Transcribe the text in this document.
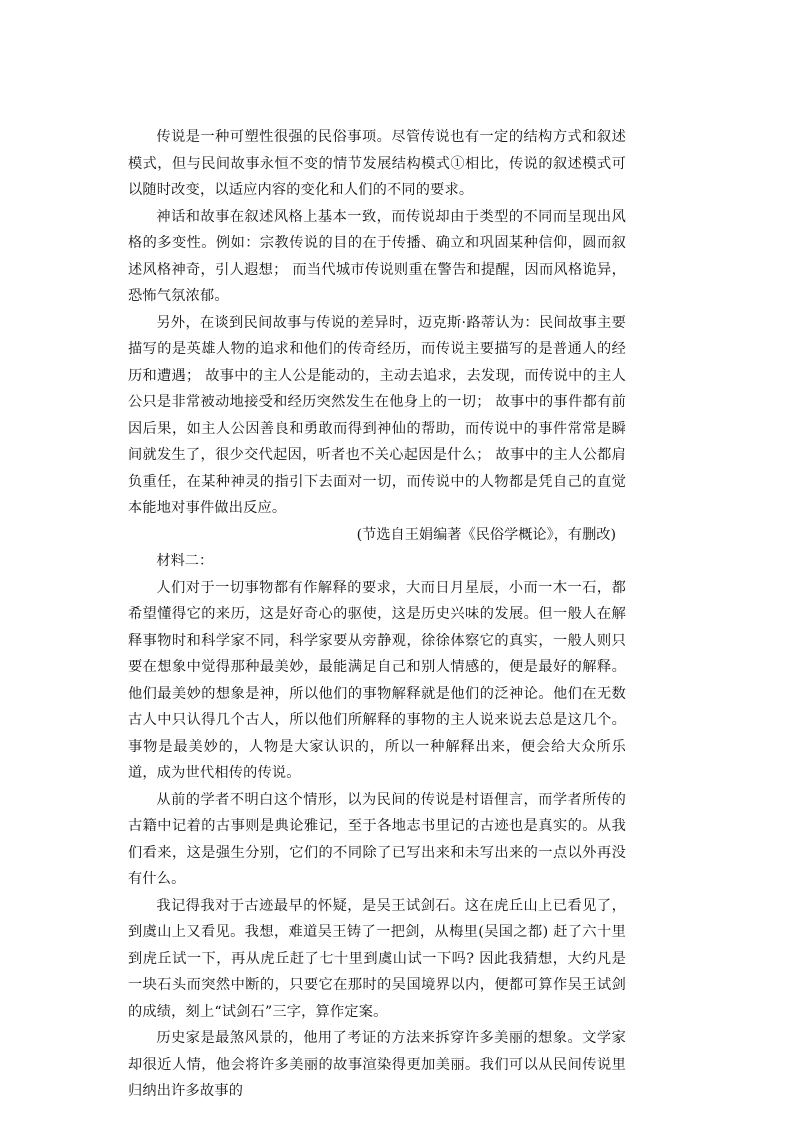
传说是一种可塑性很强的民俗事项。尽管传说也有一定的结构方式和叙述模式，但与民间故事永恒不变的情节发展结构模式①相比，传说的叙述模式可以随时改变，以适应内容的变化和人们的不同的要求。

神话和故事在叙述风格上基本一致，而传说却由于类型的不同而呈现出风格的多变性。例如：宗教传说的目的在于传播、确立和巩固某种信仰，圆而叙述风格神奇，引人遐想； 而当代城市传说则重在警告和提醒，因而风格诡异，恐怖气氛浓郁。

另外，在谈到民间故事与传说的差异时，迈克斯·路蒂认为：民间故事主要描写的是英雄人物的追求和他们的传奇经历，而传说主要描写的是普通人的经历和遭遇； 故事中的主人公是能动的，主动去追求，去发现，而传说中的主人公只是非常被动地接受和经历突然发生在他身上的一切； 故事中的事件都有前因后果，如主人公因善良和勇敢而得到神仙的帮助，而传说中的事件常常是瞬间就发生了，很少交代起因，听者也不关心起因是什么； 故事中的主人公都肩负重任，在某种神灵的指引下去面对一切，而传说中的人物都是凭自己的直觉本能地对事件做出反应。

(节选自王娟编著《民俗学概论》，有删改)

材料二：

人们对于一切事物都有作解释的要求，大而日月星辰，小而一木一石，都希望懂得它的来历，这是好奇心的驱使，这是历史兴味的发展。但一般人在解释事物时和科学家不同，科学家要从旁静观，徐徐体察它的真实，一般人则只要在想象中觉得那种最美妙，最能满足自己和别人情感的，便是最好的解释。他们最美妙的想象是神，所以他们的事物解释就是他们的泛神论。他们在无数古人中只认得几个古人，所以他们所解释的事物的主人说来说去总是这几个。事物是最美妙的，人物是大家认识的，所以一种解释出来，便会给大众所乐道，成为世代相传的传说。

从前的学者不明白这个情形，以为民间的传说是村语俚言，而学者所传的古籍中记着的古事则是典论雅记，至于各地志书里记的古迹也是真实的。从我们看来，这是强生分别，它们的不同除了已写出来和未写出来的一点以外再没有什么。

我记得我对于古迹最早的怀疑，是吴王试剑石。这在虎丘山上已看见了，到虞山上又看见。我想，难道吴王铸了一把剑，从梅里(吴国之都) 赶了六十里到虎丘试一下，再从虎丘赶了七十里到虞山试一下吗? 因此我猜想，大约凡是一块石头而突然中断的，只要它在那时的吴国境界以内，便都可算作吴王试剑的成绩，刻上“试剑石”三字，算作定案。

历史家是最煞风景的，他用了考证的方法来拆穿许多美丽的想象。文学家却很近人情，他会将许多美丽的故事渲染得更加美丽。我们可以从民间传说里归纳出许多故事的
